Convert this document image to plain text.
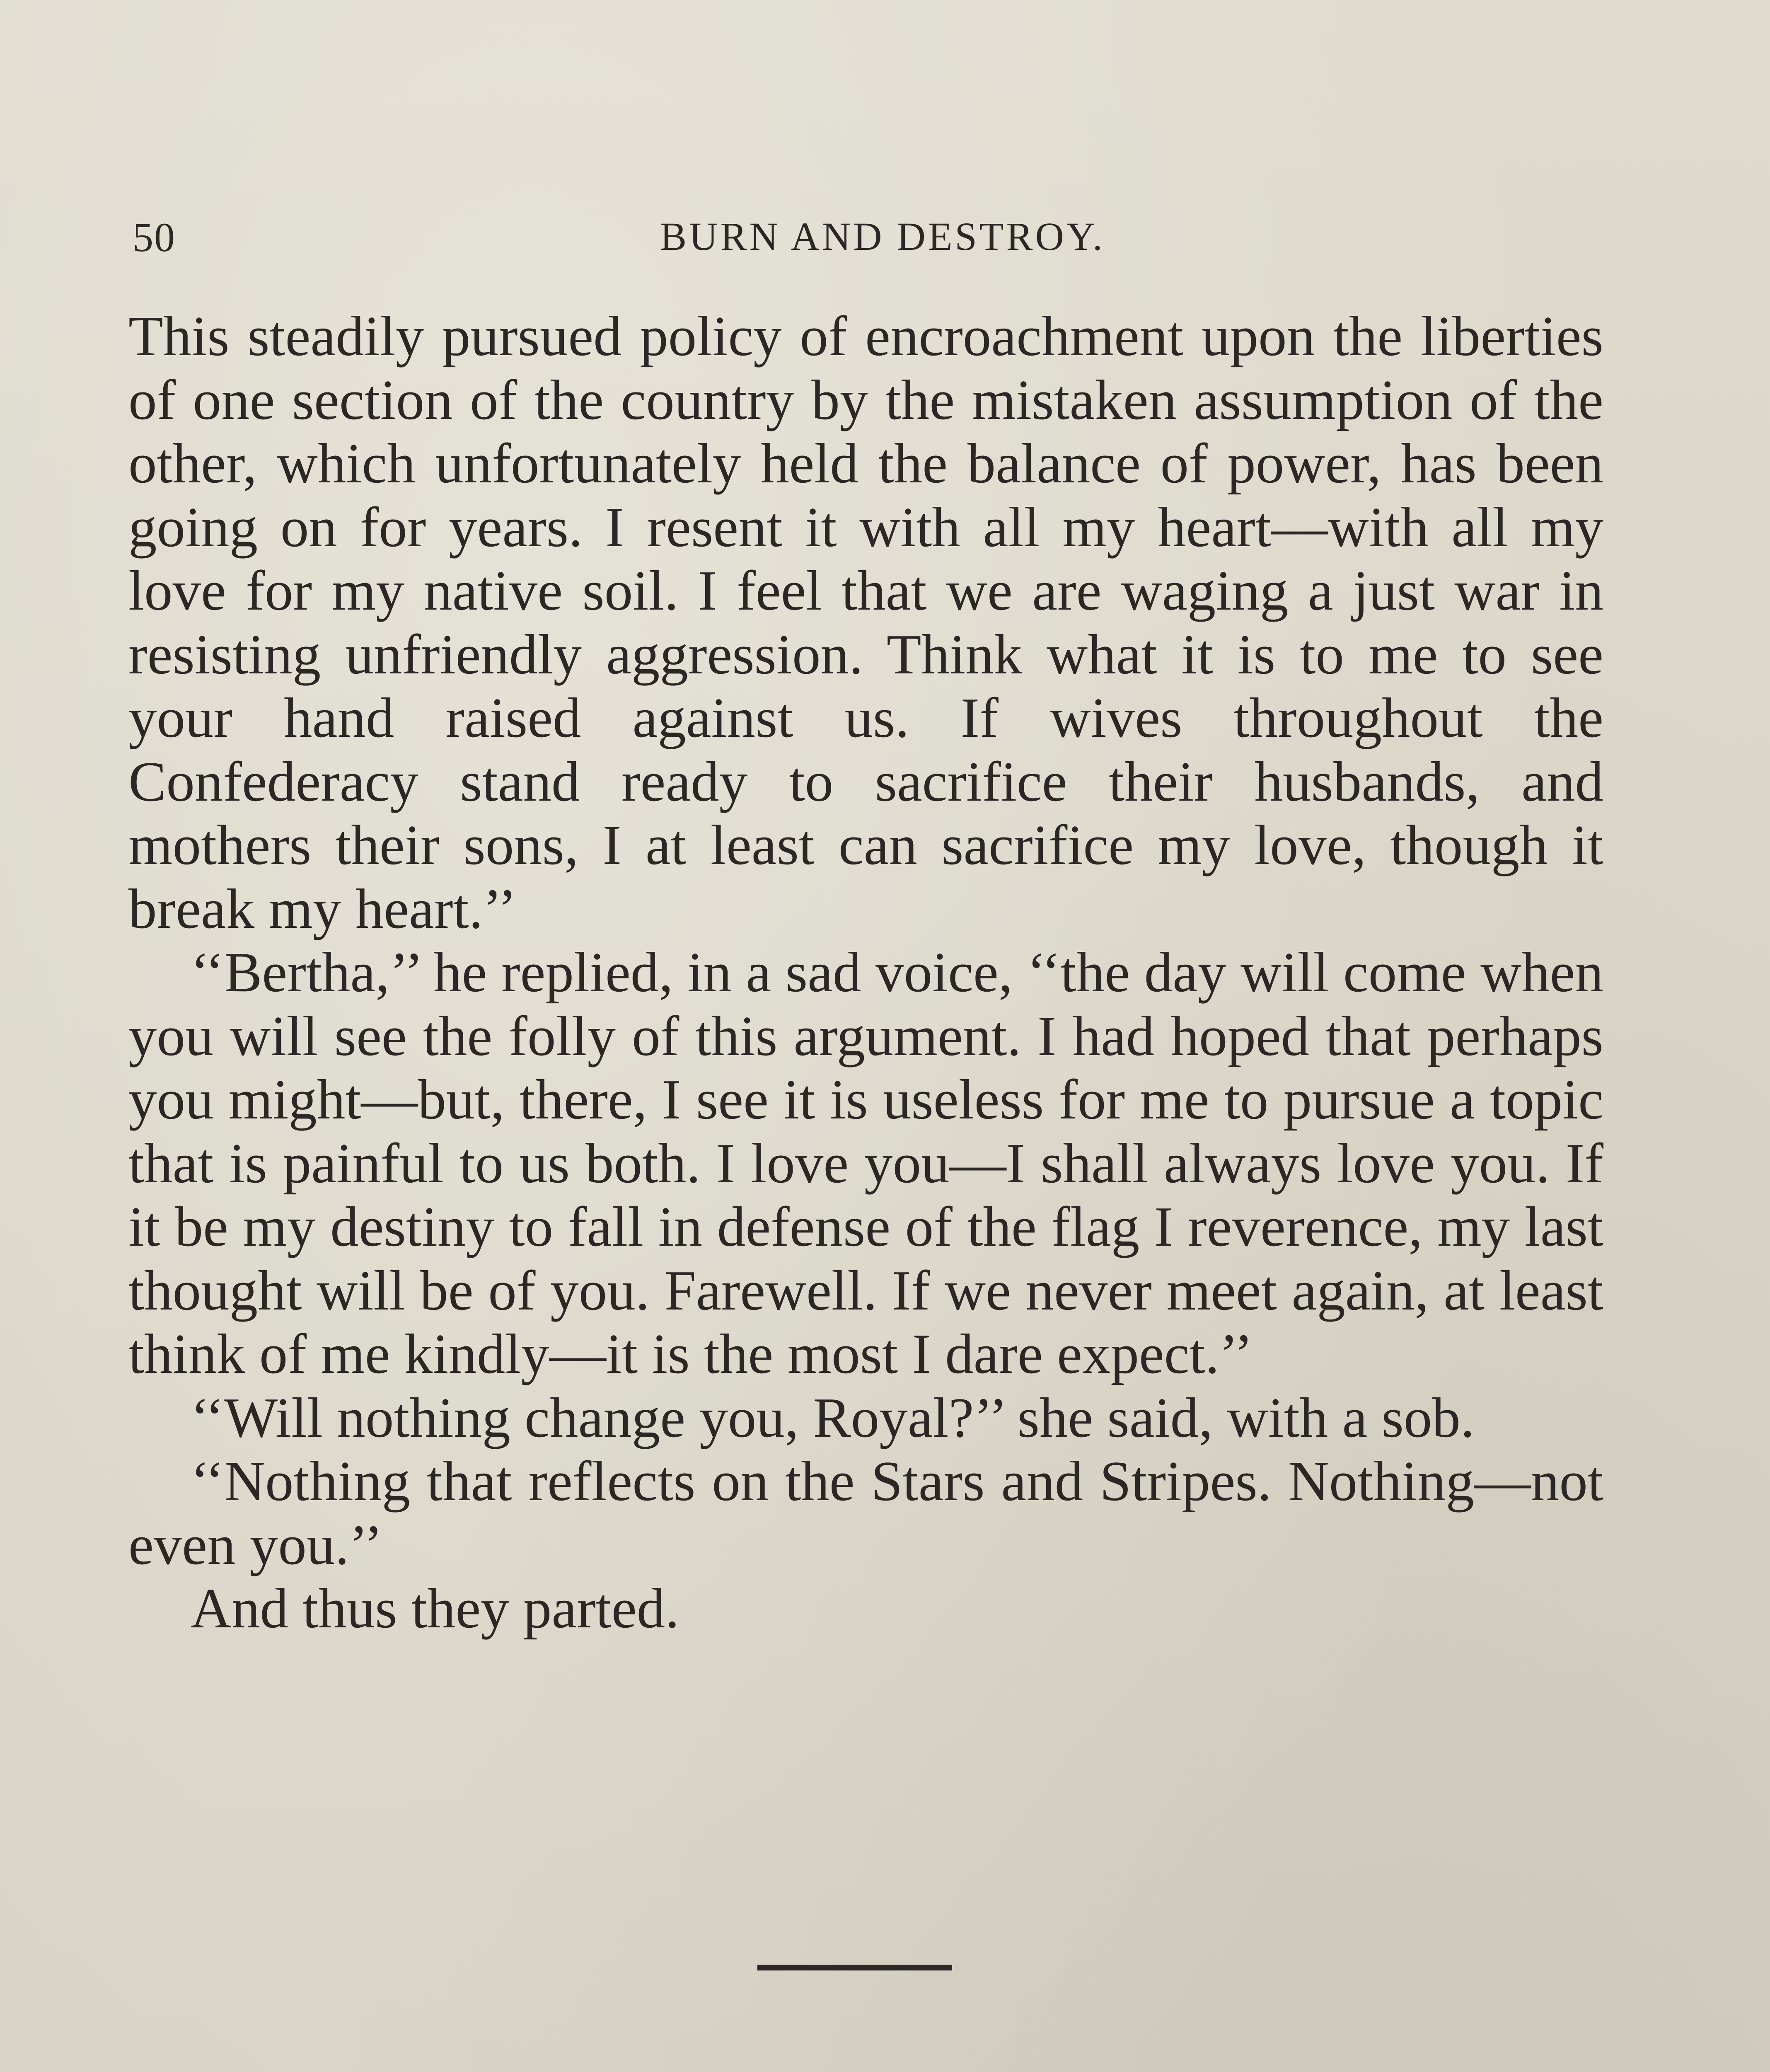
50	BURN AND DESTROY.

This steadily pursued policy of encroachment upon the liberties of one section of the country by the mistaken assumption of the other, which unfortunately held the balance of power, has been going on for years. I resent it with all my heart—with all my love for my native soil. I feel that we are waging a just war in resisting unfriendly aggression. Think what it is to me to see your hand raised against us. If wives throughout the Confederacy stand ready to sacrifice their husbands, and mothers their sons, I at least can sacrifice my love, though it break my heart.’’

‘‘Bertha,’’ he replied, in a sad voice, ‘‘the day will come when you will see the folly of this argument. I had hoped that perhaps you might—but, there, I see it is useless for me to pursue a topic that is painful to us both. I love you—I shall always love you. If it be my destiny to fall in defense of the flag I reverence, my last thought will be of you. Farewell. If we never meet again, at least think of me kindly—it is the most I dare expect.’’

‘‘Will nothing change you, Royal?’’ she said, with a sob.

‘‘Nothing that reflects on the Stars and Stripes. Nothing—not even you.’’

And thus they parted.
